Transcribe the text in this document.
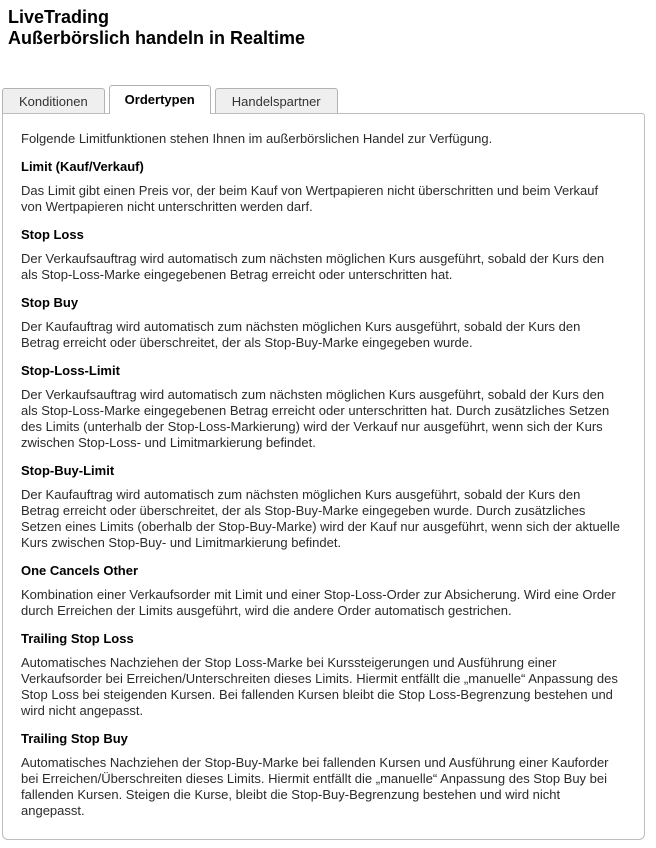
LiveTrading
Außerbörslich handeln in Realtime
Konditionen	Ordertypen	Handelspartner

Folgende Limitfunktionen stehen Ihnen im außerbörslichen Handel zur Verfügung.

Limit (Kauf/Verkauf)

Das Limit gibt einen Preis vor, der beim Kauf von Wertpapieren nicht überschritten und beim Verkauf von Wertpapieren nicht unterschritten werden darf.

Stop Loss

Der Verkaufsauftrag wird automatisch zum nächsten möglichen Kurs ausgeführt, sobald der Kurs den als Stop-Loss-Marke eingegebenen Betrag erreicht oder unterschritten hat.

Stop Buy

Der Kaufauftrag wird automatisch zum nächsten möglichen Kurs ausgeführt, sobald der Kurs den Betrag erreicht oder überschreitet, der als Stop-Buy-Marke eingegeben wurde.

Stop-Loss-Limit

Der Verkaufsauftrag wird automatisch zum nächsten möglichen Kurs ausgeführt, sobald der Kurs den als Stop-Loss-Marke eingegebenen Betrag erreicht oder unterschritten hat. Durch zusätzliches Setzen des Limits (unterhalb der Stop-Loss-Markierung) wird der Verkauf nur ausgeführt, wenn sich der Kurs zwischen Stop-Loss- und Limitmarkierung befindet.

Stop-Buy-Limit

Der Kaufauftrag wird automatisch zum nächsten möglichen Kurs ausgeführt, sobald der Kurs den Betrag erreicht oder überschreitet, der als Stop-Buy-Marke eingegeben wurde. Durch zusätzliches Setzen eines Limits (oberhalb der Stop-Buy-Marke) wird der Kauf nur ausgeführt, wenn sich der aktuelle Kurs zwischen Stop-Buy- und Limitmarkierung befindet.

One Cancels Other

Kombination einer Verkaufsorder mit Limit und einer Stop-Loss-Order zur Absicherung. Wird eine Order durch Erreichen der Limits ausgeführt, wird die andere Order automatisch gestrichen.

Trailing Stop Loss

Automatisches Nachziehen der Stop Loss-Marke bei Kurssteigerungen und Ausführung einer Verkaufsorder bei Erreichen/Unterschreiten dieses Limits. Hiermit entfällt die „manuelle“ Anpassung des Stop Loss bei steigenden Kursen. Bei fallenden Kursen bleibt die Stop Loss-Begrenzung bestehen und wird nicht angepasst.

Trailing Stop Buy

Automatisches Nachziehen der Stop-Buy-Marke bei fallenden Kursen und Ausführung einer Kauforder bei Erreichen/Überschreiten dieses Limits. Hiermit entfällt die „manuelle“ Anpassung des Stop Buy bei fallenden Kursen. Steigen die Kurse, bleibt die Stop-Buy-Begrenzung bestehen und wird nicht angepasst.
